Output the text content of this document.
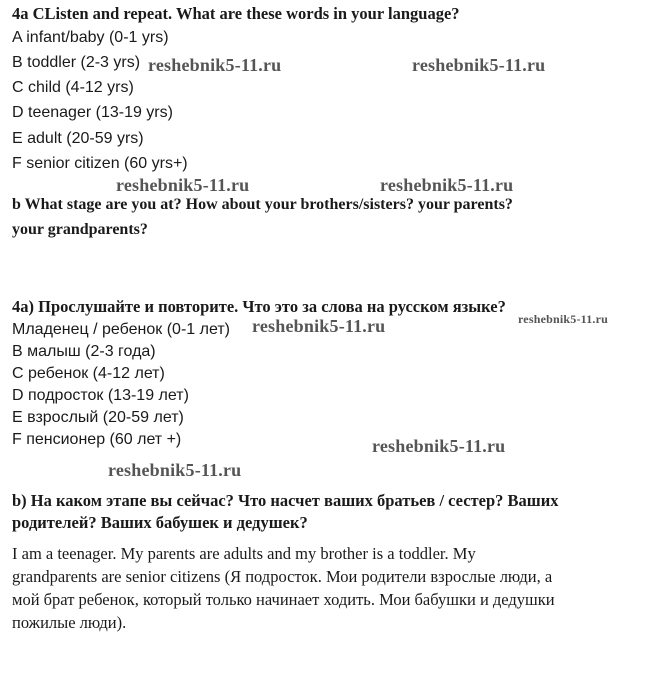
4a CListen and repeat. What are these words in your language?
A infant/baby (0-1 yrs)
B toddler (2-3 yrs)
C child (4-12 yrs)
D teenager (13-19 yrs)
E adult (20-59 yrs)
F senior citizen (60 yrs+)
b What stage are you at? How about your brothers/sisters? your parents?
your grandparents?
4a) Прослушайте и повторите. Что это за слова на русском языке?
Младенец / ребенок (0-1 лет)
B малыш (2-3 года)
C ребенок (4-12 лет)
D подросток (13-19 лет)
E взрослый (20-59 лет)
F пенсионер (60 лет +)
b) На каком этапе вы сейчас? Что насчет ваших братьев / сестер? Ваших
родителей? Ваших бабушек и дедушек?
I am a teenager. My parents are adults and my brother is a toddler. My
grandparents are senior citizens (Я подросток. Мои родители взрослые люди, а
мой брат ребенок, который только начинает ходить. Мои бабушки и дедушки
пожилые люди).
reshebnik5-11.ru	reshebnik5-11.ru
reshebnik5-11.ru	reshebnik5-11.ru
reshebnik5-11.ru	reshebnik5-11.ru
reshebnik5-11.ru
reshebnik5-11.ru
